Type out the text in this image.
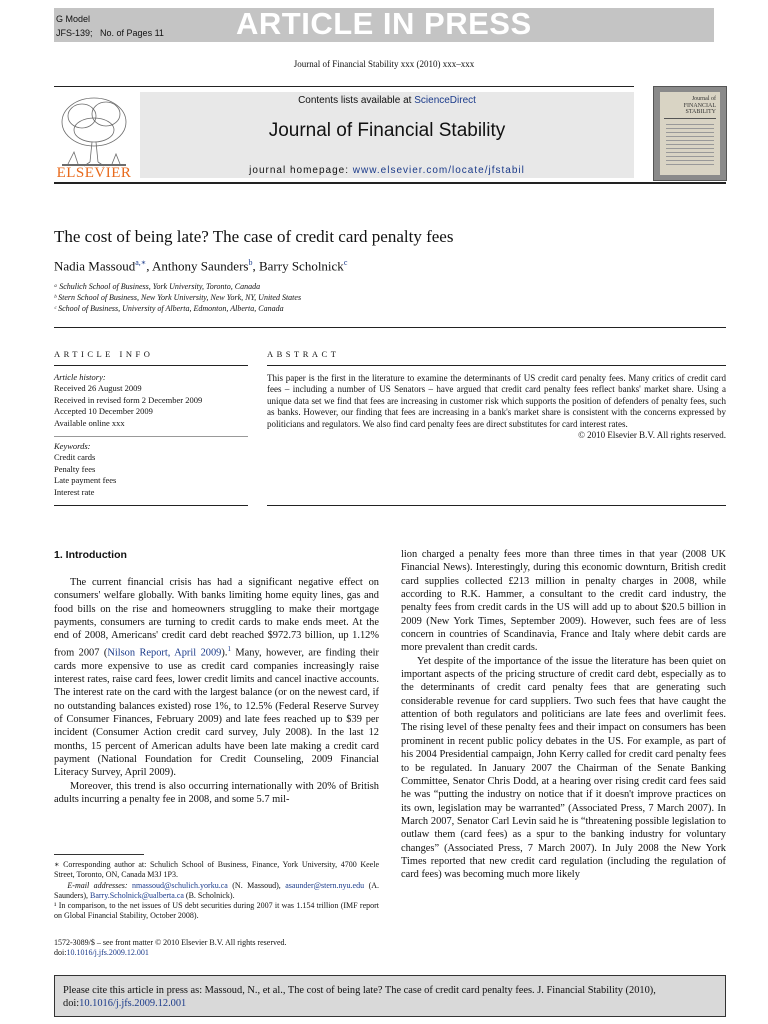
G Model
JFS-139; No. of Pages 11 ARTICLE IN PRESS
Journal of Financial Stability xxx (2010) xxx–xxx
ELSEVIER
Contents lists available at ScienceDirect
Journal of Financial Stability
journal homepage: www.elsevier.com/locate/jfstabil
Journal of FINANCIAL STABILITY
The cost of being late? The case of credit card penalty fees
Nadia Massoud$^{a,∗}$, Anthony Saunders$^b$, Barry Scholnick$^c$
ᵃ Schulich School of Business, York University, Toronto, Canada
ᵇ Stern School of Business, New York University, New York, NY, United States
ᶜ School of Business, University of Alberta, Edmonton, Alberta, Canada
ARTICLE INFO	ABSTRACT
Article history:
Received 26 August 2009
Received in revised form 2 December 2009
Accepted 10 December 2009
Available online xxx
Keywords:
Credit cards
Penalty fees
Late payment fees
Interest rate
This paper is the first in the literature to examine the determinants of US credit card penalty fees. Many critics of credit card fees – including a number of US Senators – have argued that credit card penalty fees reflect banks' market share. Using a unique data set we find that fees are increasing in customer risk which supports the position of defenders of penalty fees, such as banks. However, our finding that fees are increasing in a bank's market share is consistent with the concerns expressed by politicians and regulators. We also find card penalty fees are direct substitutes for card interest rates.
© 2010 Elsevier B.V. All rights reserved.
1. Introduction

The current financial crisis has had a significant negative effect on consumers' welfare globally. With banks limiting home equity lines, gas and food bills on the rise and homeowners struggling to make their mortgage payments, consumers are turning to credit cards to make ends meet. At the end of 2008, Americans' credit card debt reached $972.73 billion, up 1.12% from 2007 (Nilson Report, April 2009).$^1$ Many, however, are finding their cards more expensive to use as credit card companies increasingly raise interest rates, raise card fees, lower credit limits and cancel inactive accounts. The interest rate on the card with the largest balance (or on the newest card, if no outstanding balances existed) rose 1%, to 12.5% (Federal Reserve Survey of Consumer Finances, February 2009) and late fees reached up to $39 per incident (Consumer Action credit card survey, July 2008). In the last 12 months, 15 percent of American adults have been late making a credit card payment (National Foundation for Credit Counseling, 2009 Financial Literacy Survey, April 2009).

Moreover, this trend is also occurring internationally with 20% of British adults incurring a penalty fee in 2008, and some 5.7 mil-

lion charged a penalty fees more than three times in that year (2008 UK Financial News). Interestingly, during this economic downturn, British credit card supplies collected £213 million in penalty charges in 2008, while according to R.K. Hammer, a consultant to the credit card industry, the penalty fees from credit cards in the US will add up to about $20.5 billion in 2009 (New York Times, September 2009). However, such fees are of less concern in countries of Scandinavia, France and Italy where debit cards are more prevalent than credit cards.

Yet despite of the importance of the issue the literature has been quiet on important aspects of the pricing structure of credit card debt, especially as to the determinants of credit card penalty fees that are generating such considerable revenue for card suppliers. Two such fees that have caught the attention of both regulators and politicians are late fees and overlimit fees. The rising level of these penalty fees and their impact on consumers has been prominent in recent public policy debates in the US. For example, as part of his 2004 Presidential campaign, John Kerry called for credit card penalty fees to be regulated. In January 2007 the Chairman of the Senate Banking Committee, Senator Chris Dodd, at a hearing over rising credit card fees said he was “putting the industry on notice that if it doesn't improve practices on its own, legislation may be warranted” (Associated Press, 7 March 2007). In March 2007, Senator Carl Levin said he is “threatening possible legislation to outlaw them (card fees) as a spur to the banking industry for voluntary changes” (Associated Press, 7 March 2007). In July 2008 the New York Times reported that new credit card regulation (including the regulation of card fees) was becoming much more likely

∗ Corresponding author at: Schulich School of Business, Finance, York University, 4700 Keele Street, Toronto, ON, Canada M3J 1P3.
E-mail addresses: nmassoud@schulich.yorku.ca (N. Massoud), asaunder@stern.nyu.edu (A. Saunders), Barry.Scholnick@ualberta.ca (B. Scholnick).
¹ In comparison, to the net issues of US debt securities during 2007 it was 1.154 trillion (IMF report on Global Financial Stability, October 2008).
1572-3089/$ – see front matter © 2010 Elsevier B.V. All rights reserved.
doi:10.1016/j.jfs.2009.12.001
Please cite this article in press as: Massoud, N., et al., The cost of being late? The case of credit card penalty fees. J. Financial Stability (2010), doi:10.1016/j.jfs.2009.12.001
